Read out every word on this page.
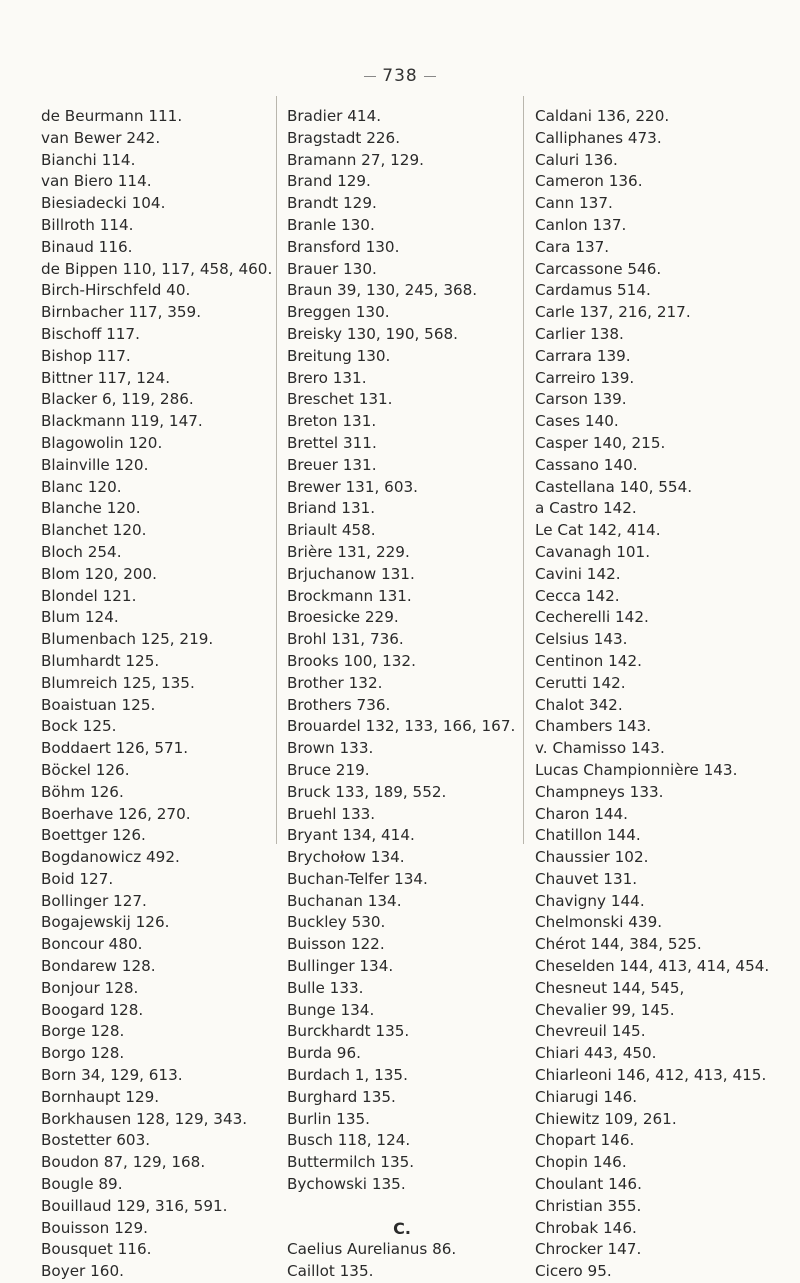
738
de Beurmann 111.
van Bewer 242.
Bianchi 114.
van Biero 114.
Biesiadecki 104.
Billroth 114.
Binaud 116.
de Bippen 110, 117, 458, 460.
Birch-Hirschfeld 40.
Birnbacher 117, 359.
Bischoff 117.
Bishop 117.
Bittner 117, 124.
Blacker 6, 119, 286.
Blackmann 119, 147.
Blagowolin 120.
Blainville 120.
Blanc 120.
Blanche 120.
Blanchet 120.
Bloch 254.
Blom 120, 200.
Blondel 121.
Blum 124.
Blumenbach 125, 219.
Blumhardt 125.
Blumreich 125, 135.
Boaistuan 125.
Bock 125.
Boddaert 126, 571.
Böckel 126.
Böhm 126.
Boerhave 126, 270.
Boettger 126.
Bogdanowicz 492.
Boid 127.
Bollinger 127.
Bogajewskij 126.
Boncour 480.
Bondarew 128.
Bonjour 128.
Boogard 128.
Borge 128.
Borgo 128.
Born 34, 129, 613.
Bornhaupt 129.
Borkhausen 128, 129, 343.
Bostetter 603.
Boudon 87, 129, 168.
Bougle 89.
Bouillaud 129, 316, 591.
Bouisson 129.
Bousquet 116.
Boyer 160.
Bradier 414.
Bragstadt 226.
Bramann 27, 129.
Brand 129.
Brandt 129.
Branle 130.
Bransford 130.
Brauer 130.
Braun 39, 130, 245, 368.
Breggen 130.
Breisky 130, 190, 568.
Breitung 130.
Brero 131.
Breschet 131.
Breton 131.
Brettel 311.
Breuer 131.
Brewer 131, 603.
Briand 131.
Briault 458.
Brière 131, 229.
Brjuchanow 131.
Brockmann 131.
Broesicke 229.
Brohl 131, 736.
Brooks 100, 132.
Brother 132.
Brothers 736.
Brouardel 132, 133, 166, 167.
Brown 133.
Bruce 219.
Bruck 133, 189, 552.
Bruehl 133.
Bryant 134, 414.
Brychołow 134.
Buchan-Telfer 134.
Buchanan 134.
Buckley 530.
Buisson 122.
Bullinger 134.
Bulle 133.
Bunge 134.
Burckhardt 135.
Burda 96.
Burdach 1, 135.
Burghard 135.
Burlin 135.
Busch 118, 124.
Buttermilch 135.
Bychowski 135.
C.
Caelius Aurelianus 86.
Caillot 135.
Caldani 136, 220.
Calliphanes 473.
Caluri 136.
Cameron 136.
Cann 137.
Canlon 137.
Cara 137.
Carcassone 546.
Cardamus 514.
Carle 137, 216, 217.
Carlier 138.
Carrara 139.
Carreiro 139.
Carson 139.
Cases 140.
Casper 140, 215.
Cassano 140.
Castellana 140, 554.
a Castro 142.
Le Cat 142, 414.
Cavanagh 101.
Cavini 142.
Cecca 142.
Cecherelli 142.
Celsius 143.
Centinon 142.
Cerutti 142.
Chalot 342.
Chambers 143.
v. Chamisso 143.
Lucas Championnière 143.
Champneys 133.
Charon 144.
Chatillon 144.
Chaussier 102.
Chauvet 131.
Chavigny 144.
Chelmonski 439.
Chérot 144, 384, 525.
Cheselden 144, 413, 414, 454.
Chesneut 144, 545,
Chevalier 99, 145.
Chevreuil 145.
Chiari 443, 450.
Chiarleoni 146, 412, 413, 415.
Chiarugi 146.
Chiewitz 109, 261.
Chopart 146.
Chopin 146.
Choulant 146.
Christian 355.
Chrobak 146.
Chrocker 147.
Cicero 95.
